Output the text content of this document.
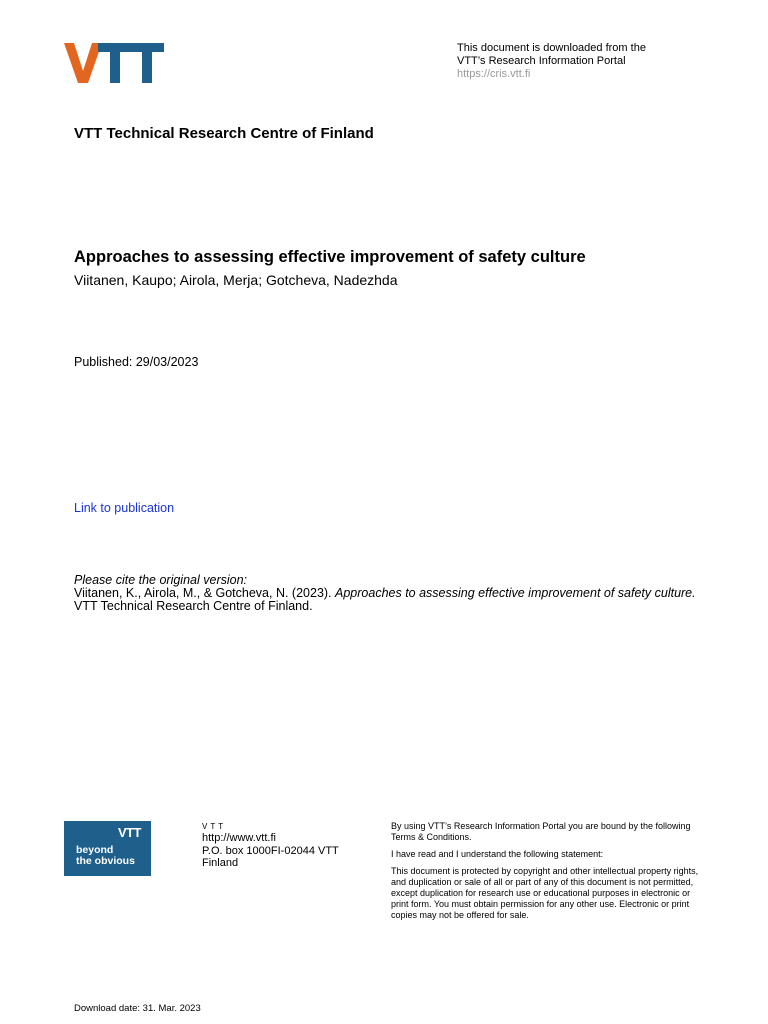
This document is downloaded from the
VTT’s Research Information Portal
https://cris.vtt.fi
VTT Technical Research Centre of Finland
Approaches to assessing effective improvement of safety culture
Viitanen, Kaupo; Airola, Merja; Gotcheva, Nadezhda
Published: 29/03/2023
Link to publication
Please cite the original version:
Viitanen, K., Airola, M., & Gotcheva, N. (2023). Approaches to assessing effective improvement of safety culture.
VTT Technical Research Centre of Finland.
VTT
beyond
the obvious
VTT
http://www.vtt.fi
P.O. box 1000FI-02044 VTT
Finland

By using VTT’s Research Information Portal you are bound by the following Terms & Conditions.

I have read and I understand the following statement:

This document is protected by copyright and other intellectual property rights, and duplication or sale of all or part of any of this document is not permitted, except duplication for research use or educational purposes in electronic or print form. You must obtain permission for any other use. Electronic or print copies may not be offered for sale.

Download date: 31. Mar. 2023
